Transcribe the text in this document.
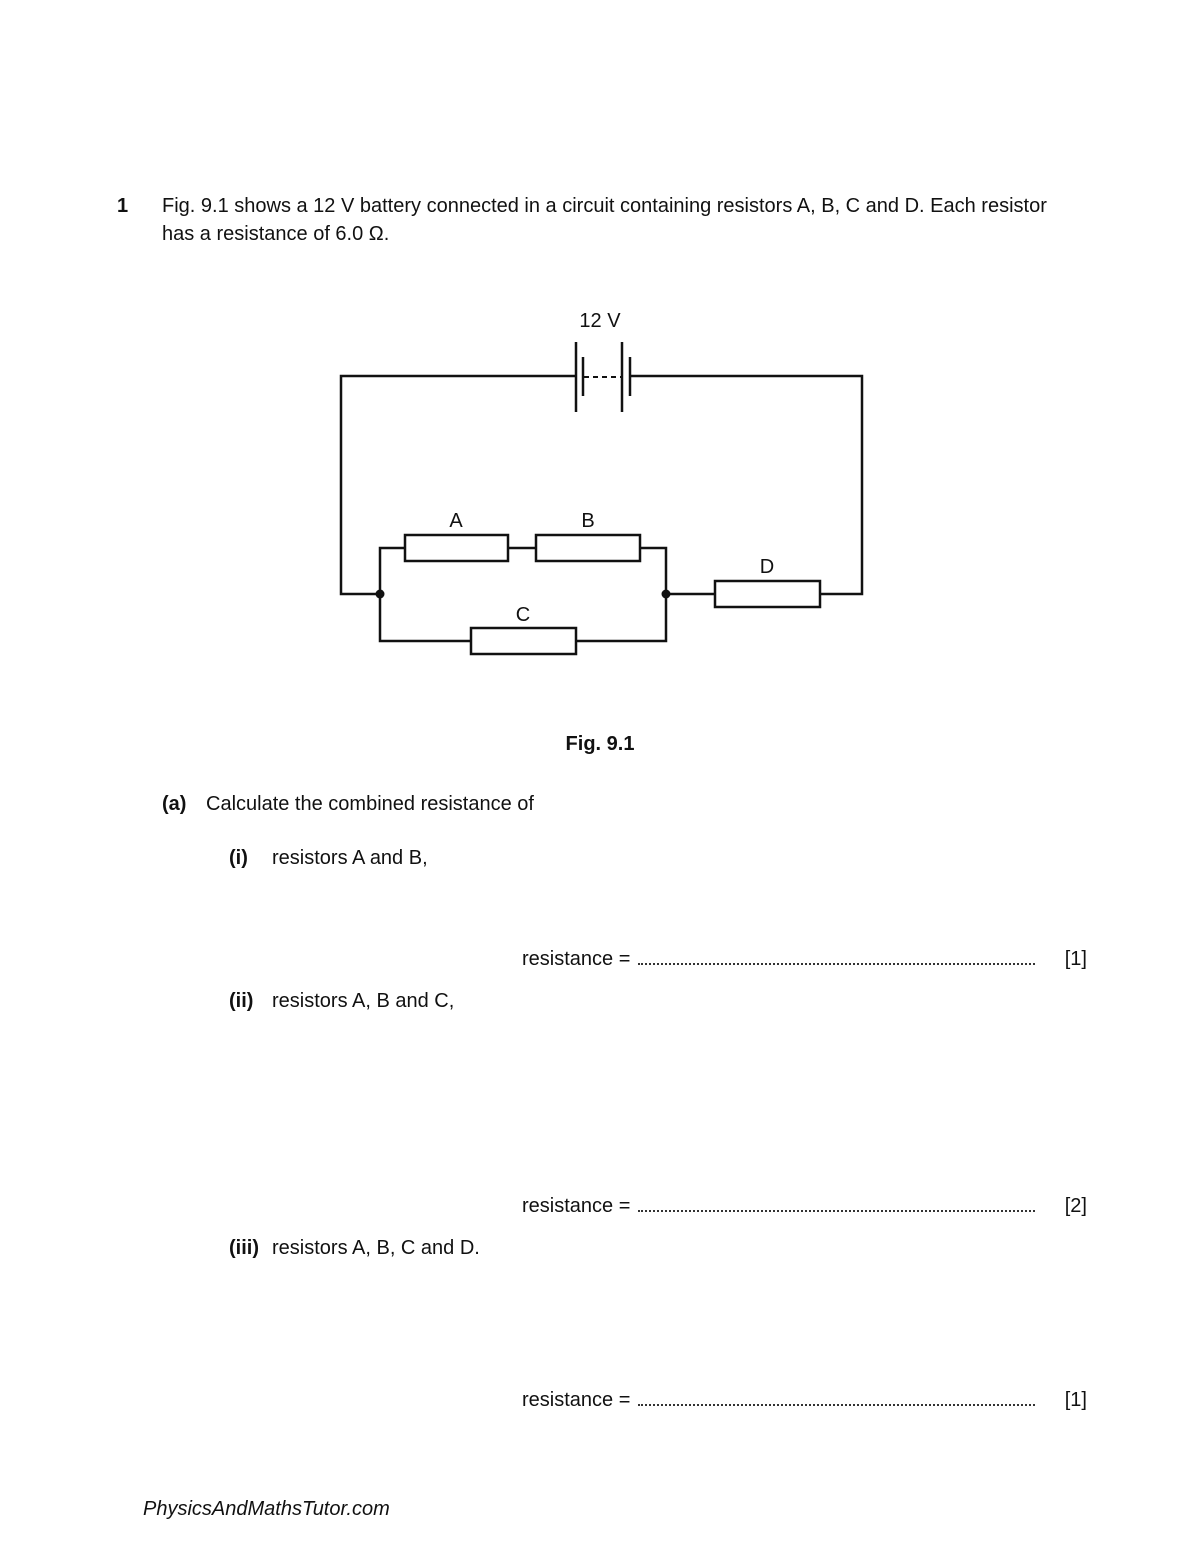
1 Fig. 9.1 shows a 12 V battery connected in a circuit containing resistors A, B, C and D. Each resistor
has a resistance of 6.0 Ω.
12 V
A	B
C
D
Fig. 9.1
(a) Calculate the combined resistance of
(i) resistors A and B,
resistance =	[1]
(ii) resistors A, B and C,
resistance =	[2]
(iii) resistors A, B, C and D.
resistance =	[1]
PhysicsAndMathsTutor.com
